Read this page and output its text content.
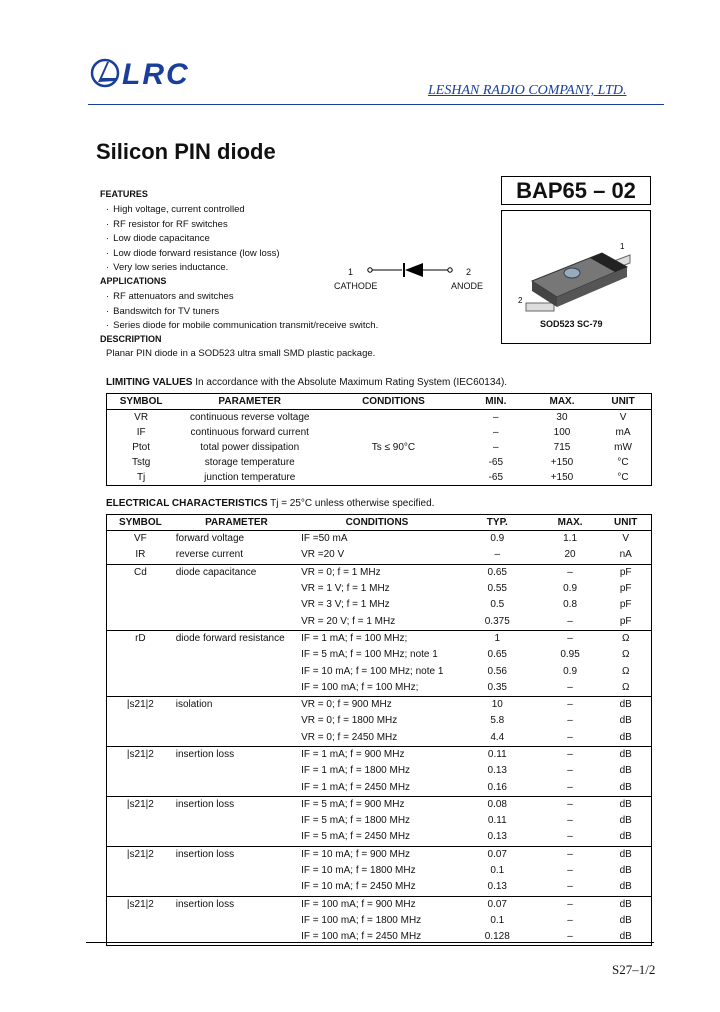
LRC	LESHAN RADIO COMPANY, LTD.
Silicon PIN diode
BAP65 – 02
1
2
SOD523 SC-79
FEATURES
· High voltage, current controlled
· RF resistor for RF switches
· Low diode capacitance
· Low diode forward resistance (low loss)
· Very low series inductance.
APPLICATIONS
· RF attenuators and switches
· Bandswitch for TV tuners
· Series diode for mobile communication transmit/receive switch.
DESCRIPTION
Planar PIN diode in a SOD523 ultra small SMD plastic package.
1	2
CATHODE	ANODE
LIMITING VALUES In accordance with the Absolute Maximum Rating System (IEC60134).
SYMBOL	PARAMETER	CONDITIONS	MIN.	MAX.	UNIT
VR	continuous reverse voltage		–	30	V
IF	continuous forward current		–	100	mA
Ptot	total power dissipation	Ts ≤ 90°C	–	715	mW
Tstg	storage temperature		-65	+150	°C
Tj	junction temperature		-65	+150	°C
ELECTRICAL CHARACTERISTICS Tj = 25°C unless otherwise specified.
SYMBOL	PARAMETER	CONDITIONS	TYP.	MAX.	UNIT
VF	forward voltage	IF =50 mA	0.9	1.1	V
IR	reverse current	VR =20 V	–	20	nA
Cd	diode capacitance	VR = 0; f = 1 MHz	0.65	–	pF
		VR = 1 V; f = 1 MHz	0.55	0.9	pF
		VR = 3 V; f = 1 MHz	0.5	0.8	pF
		VR = 20 V; f = 1 MHz	0.375	–	pF
rD	diode forward resistance	IF = 1 mA; f = 100 MHz;	1	–	Ω
		IF = 5 mA; f = 100 MHz; note 1	0.65	0.95	Ω
		IF = 10 mA; f = 100 MHz; note 1	0.56	0.9	Ω
		IF = 100 mA; f = 100 MHz;	0.35	–	Ω
|s21|2	isolation	VR = 0; f = 900 MHz	10	–	dB
		VR = 0; f = 1800 MHz	5.8	–	dB
		VR = 0; f = 2450 MHz	4.4	–	dB
|s21|2	insertion loss	IF = 1 mA; f = 900 MHz	0.11	–	dB
		IF = 1 mA; f = 1800 MHz	0.13	–	dB
		IF = 1 mA; f = 2450 MHz	0.16	–	dB
|s21|2	insertion loss	IF = 5 mA; f = 900 MHz	0.08	–	dB
		IF = 5 mA; f = 1800 MHz	0.11	–	dB
		IF = 5 mA; f = 2450 MHz	0.13	–	dB
|s21|2	insertion loss	IF = 10 mA; f = 900 MHz	0.07	–	dB
		IF = 10 mA; f = 1800 MHz	0.1	–	dB
		IF = 10 mA; f = 2450 MHz	0.13	–	dB
|s21|2	insertion loss	IF = 100 mA; f = 900 MHz	0.07	–	dB
		IF = 100 mA; f = 1800 MHz	0.1	–	dB
		IF = 100 mA; f = 2450 MHz	0.128	–	dB
S27–1/2
